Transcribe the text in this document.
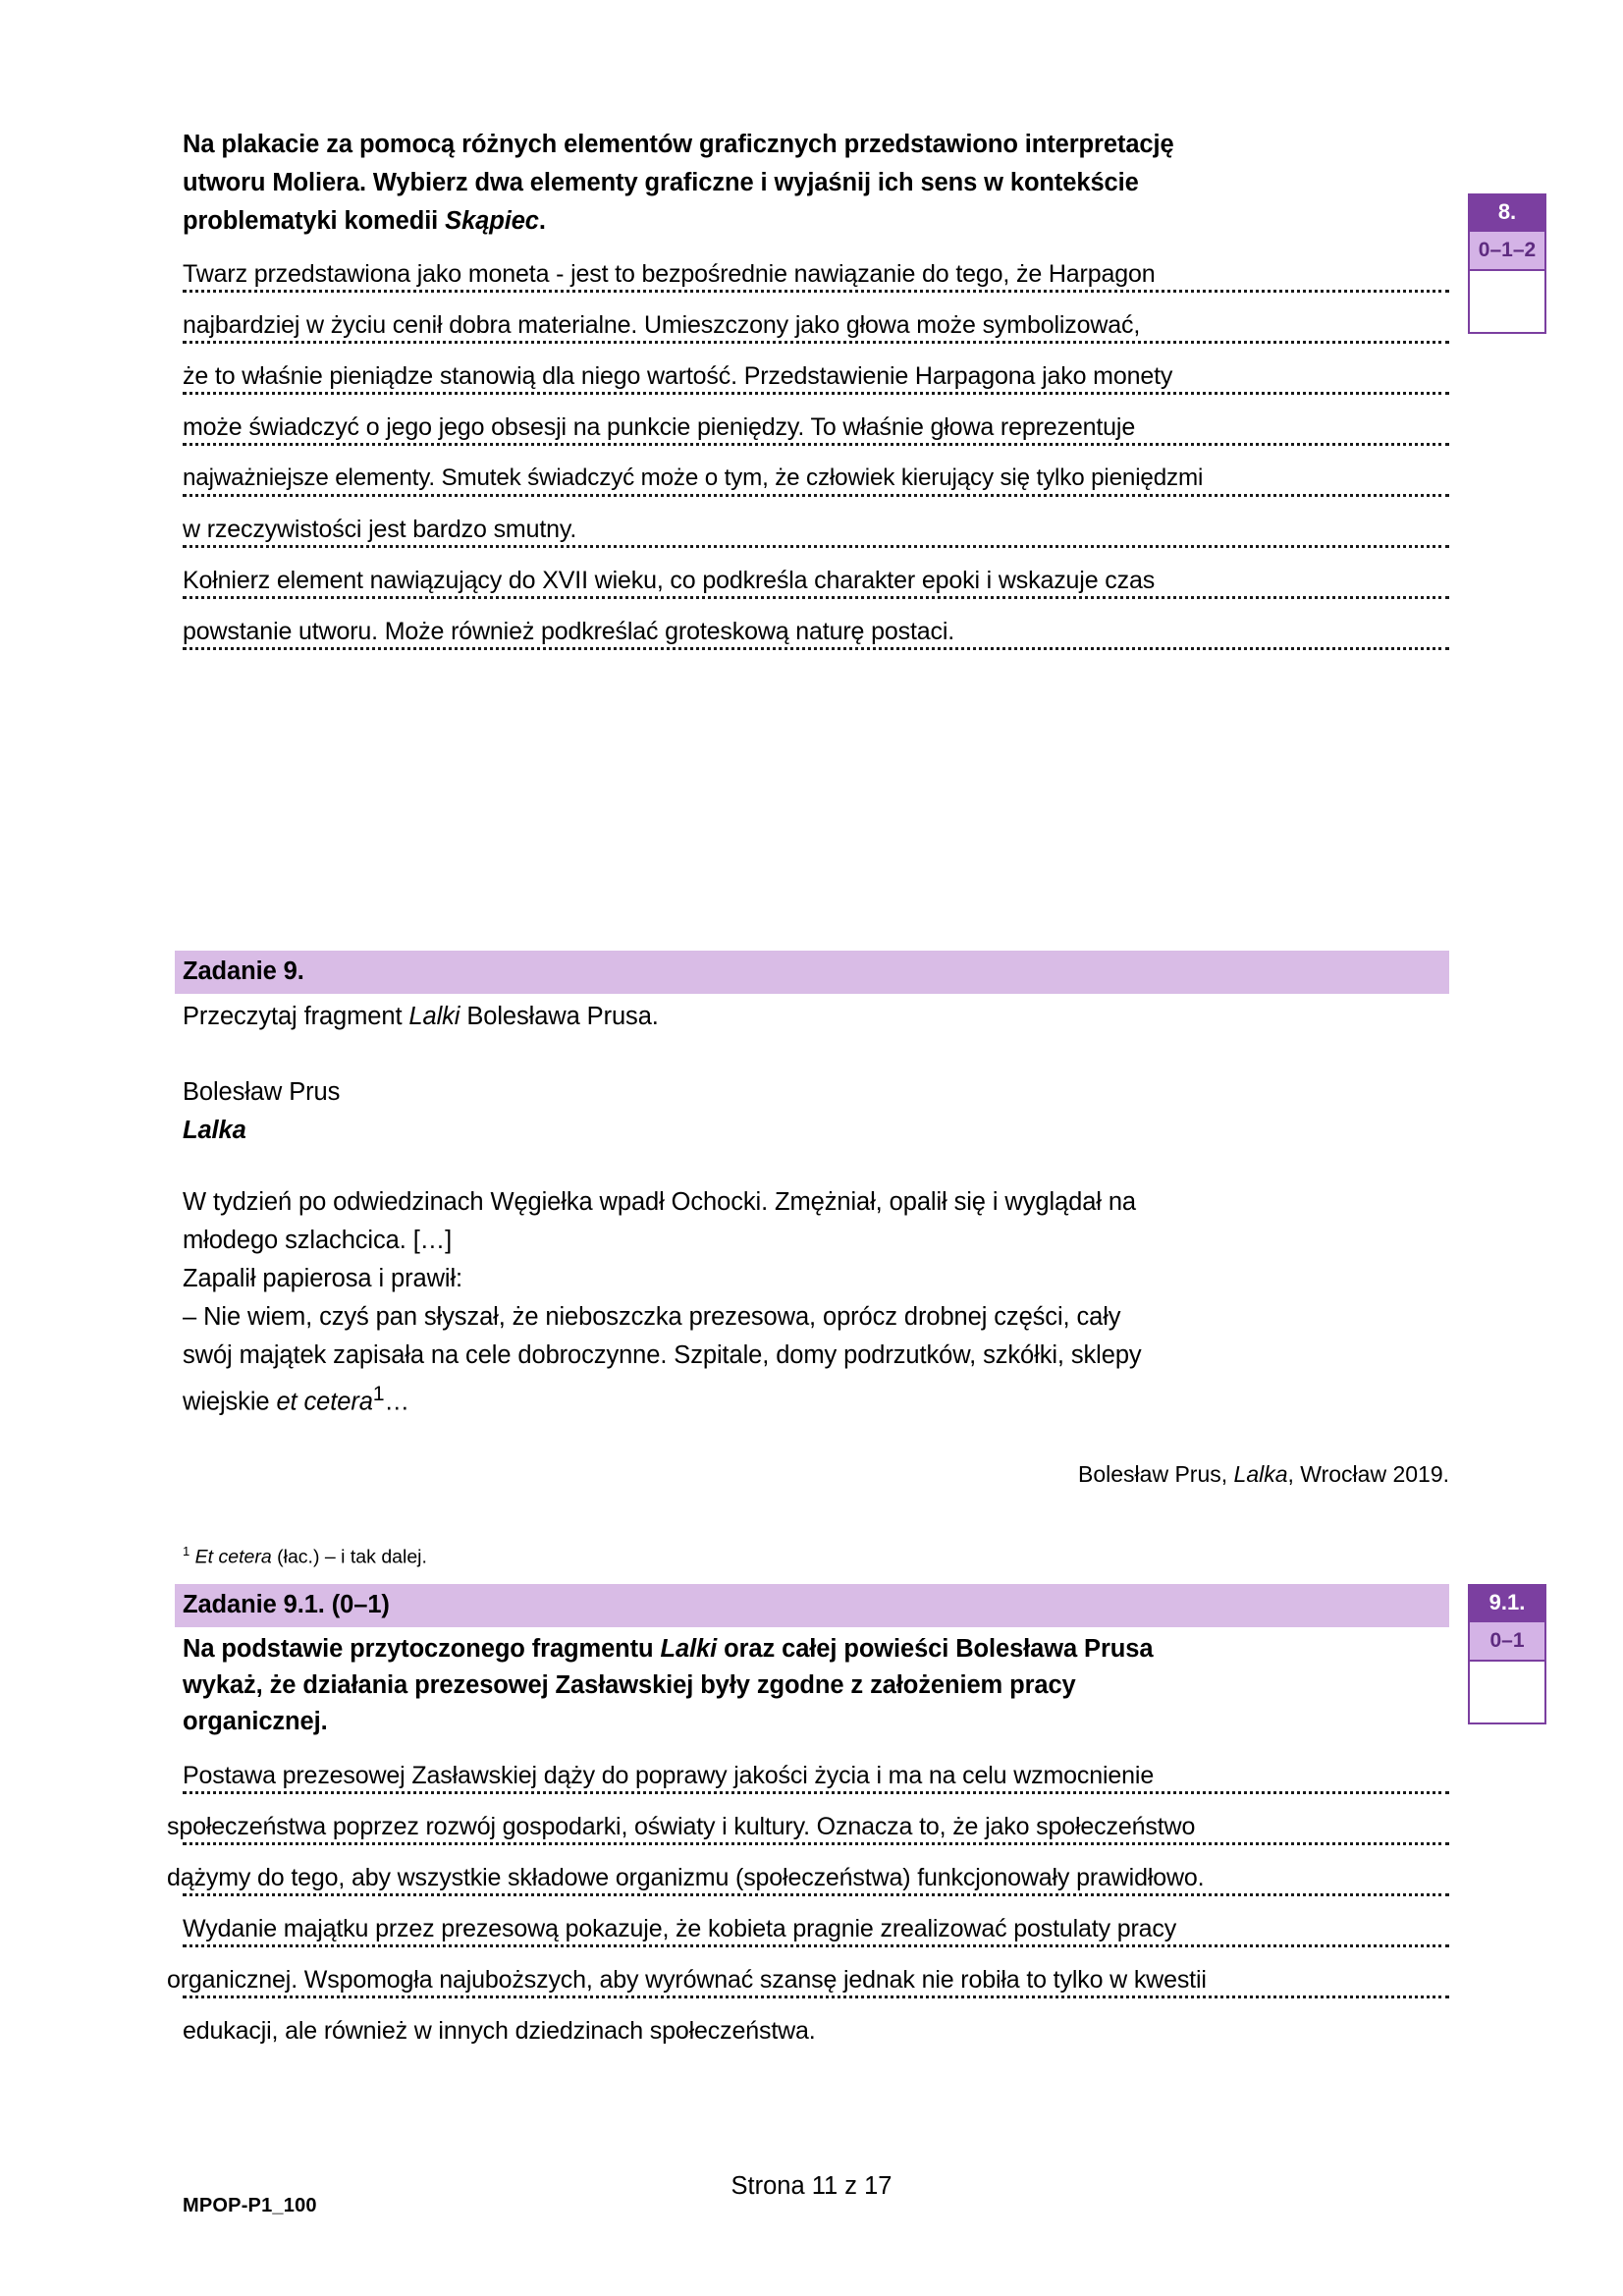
Na plakacie za pomocą różnych elementów graficznych przedstawiono interpretację
utworu Moliera. Wybierz dwa elementy graficzne i wyjaśnij ich sens w kontekście
problematyki komedii Skąpiec.
Twarz przedstawiona jako moneta - jest to bezpośrednie nawiązanie do tego, że Harpagon
najbardziej w życiu cenił dobra materialne. Umieszczony jako głowa może symbolizować,
że to właśnie pieniądze stanowią dla niego wartość. Przedstawienie Harpagona jako monety
może świadczyć o jego jego obsesji na punkcie pieniędzy. To właśnie głowa reprezentuje
najważniejsze elementy. Smutek świadczyć może o tym, że człowiek kierujący się tylko pieniędzmi
w rzeczywistości jest bardzo smutny.
Kołnierz element nawiązujący do XVII wieku, co podkreśla charakter epoki i wskazuje czas
powstanie utworu. Może również podkreślać groteskową naturę postaci.
8.
0–1–2
Zadanie 9.
Przeczytaj fragment Lalki Bolesława Prusa.
Bolesław Prus
Lalka
W tydzień po odwiedzinach Węgiełka wpadł Ochocki. Zmężniał, opalił się i wyglądał na
młodego szlachcica. […]
Zapalił papierosa i prawił:
– Nie wiem, czyś pan słyszał, że nieboszczka prezesowa, oprócz drobnej części, cały
swój majątek zapisała na cele dobroczynne. Szpitale, domy podrzutków, szkółki, sklepy
wiejskie et cetera$^1$…
Bolesław Prus, Lalka, Wrocław 2019.
$^1$ Et cetera (łac.) – i tak dalej.
Zadanie 9.1. (0–1)
Na podstawie przytoczonego fragmentu Lalki oraz całej powieści Bolesława Prusa
wykaż, że działania prezesowej Zasławskiej były zgodne z założeniem pracy
organicznej.
Postawa prezesowej Zasławskiej dąży do poprawy jakości życia i ma na celu wzmocnienie
społeczeństwa poprzez rozwój gospodarki, oświaty i kultury. Oznacza to, że jako społeczeństwo
dążymy do tego, aby wszystkie składowe organizmu (społeczeństwa) funkcjonowały prawidłowo.
Wydanie majątku przez prezesową pokazuje, że kobieta pragnie zrealizować postulaty pracy
organicznej. Wspomogła najuboższych, aby wyrównać szansę jednak nie robiła to tylko w kwestii
edukacji, ale również w innych dziedzinach społeczeństwa.
9.1.
0–1
Strona 11 z 17
MPOP-P1_100
